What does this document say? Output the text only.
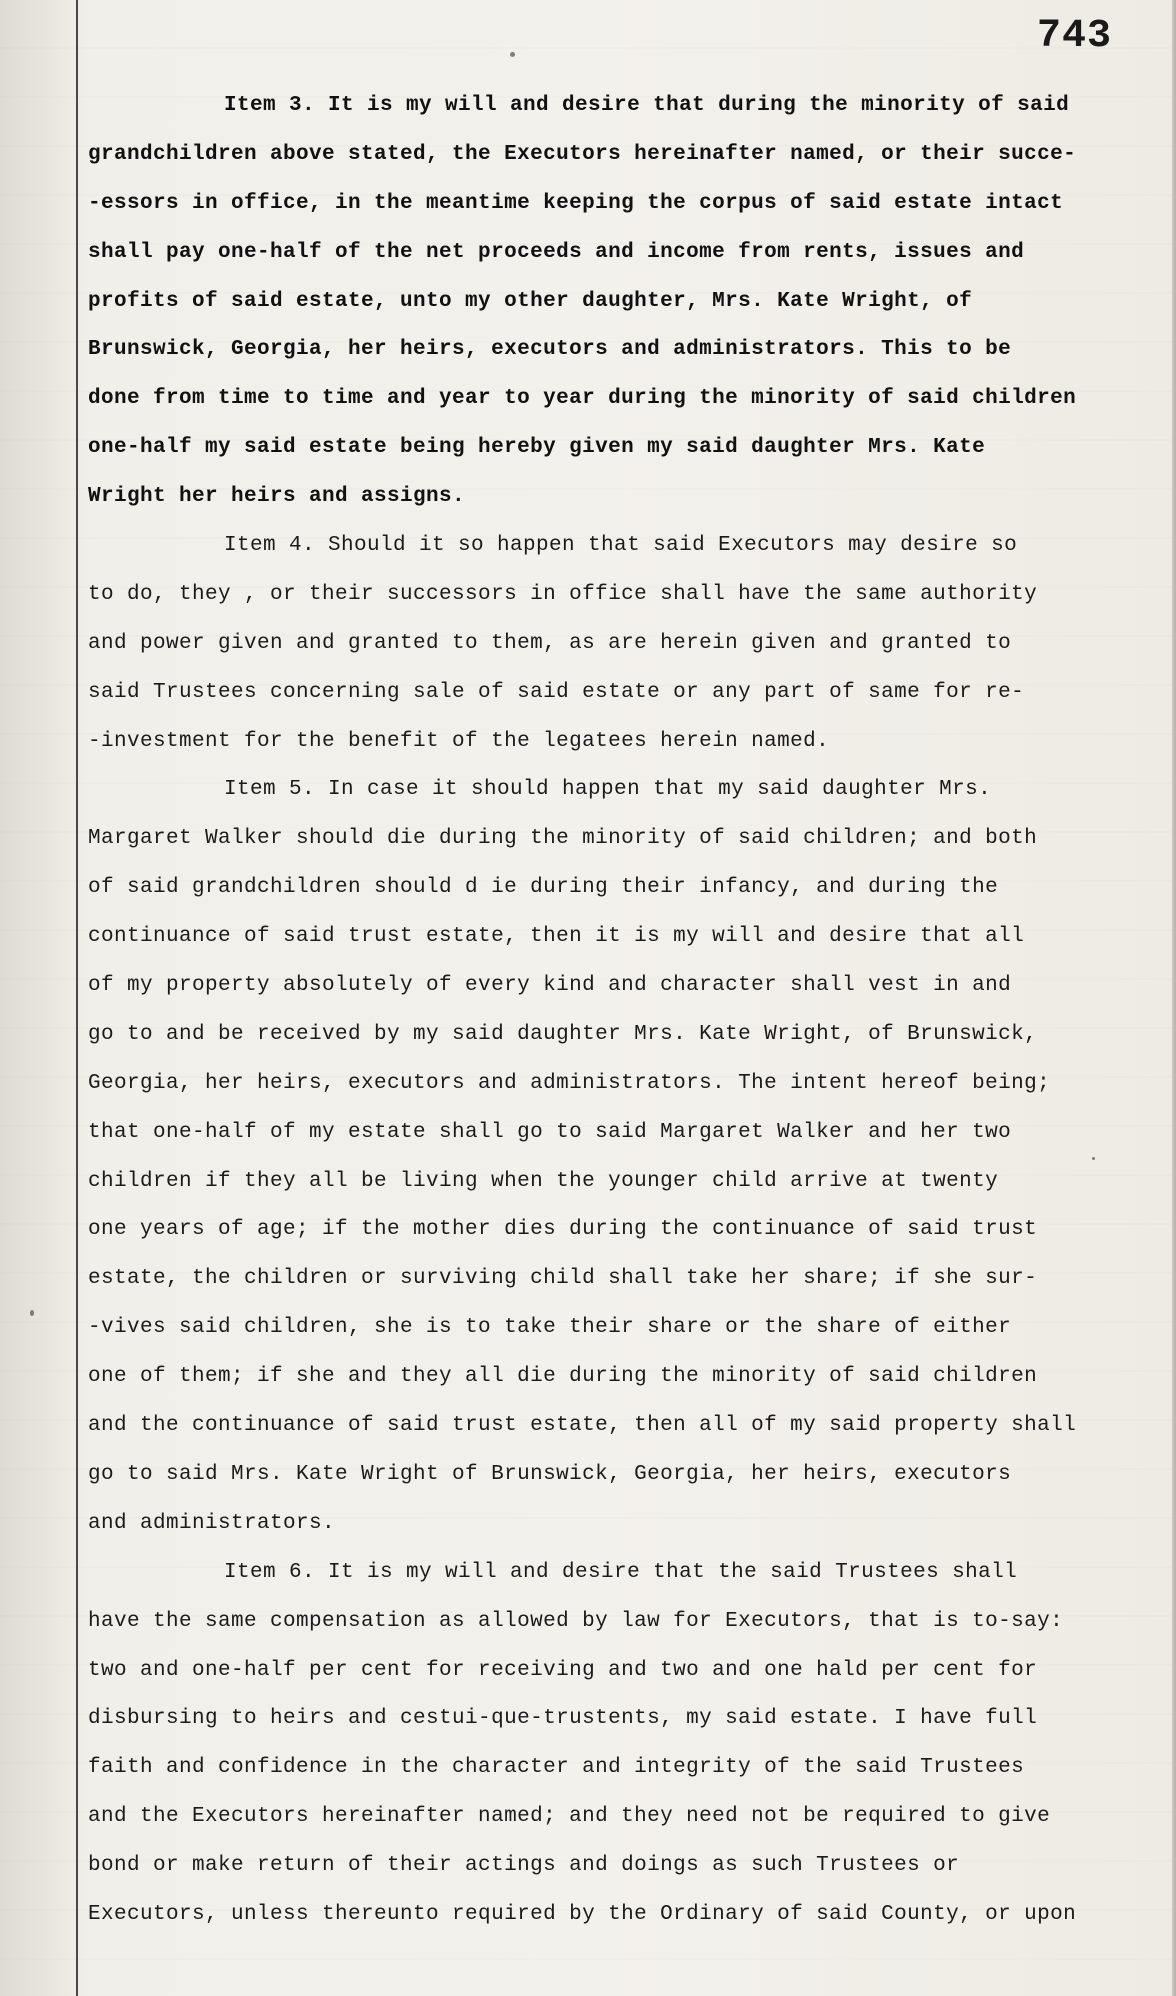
743
Item 3. It is my will and desire that during the minority of said
grandchildren above stated, the Executors hereinafter named, or their succe-
-essors in office, in the meantime keeping the corpus of said estate intact
shall pay one-half of the net proceeds and income from rents, issues and
profits of said estate, unto my other daughter, Mrs. Kate Wright, of
Brunswick, Georgia, her heirs, executors and administrators. This to be
done from time to time and year to year during the minority of said children
one-half my said estate being hereby given my said daughter Mrs. Kate
Wright her heirs and assigns.
Item 4. Should it so happen that said Executors may desire so
to do, they , or their successors in office shall have the same authority
and power given and granted to them, as are herein given and granted to
said Trustees concerning sale of said estate or any part of same for re-
-investment for the benefit of the legatees herein named.
Item 5. In case it should happen that my said daughter Mrs.
Margaret Walker should die during the minority of said children; and both
of said grandchildren should d ie during their infancy, and during the
continuance of said trust estate, then it is my will and desire that all
of my property absolutely of every kind and character shall vest in and
go to and be received by my said daughter Mrs. Kate Wright, of Brunswick,
Georgia, her heirs, executors and administrators. The intent hereof being;
that one-half of my estate shall go to said Margaret Walker and her two
children if they all be living when the younger child arrive at twenty
one years of age; if the mother dies during the continuance of said trust
estate, the children or surviving child shall take her share; if she sur-
-vives said children, she is to take their share or the share of either
one of them; if she and they all die during the minority of said children
and the continuance of said trust estate, then all of my said property shall
go to said Mrs. Kate Wright of Brunswick, Georgia, her heirs, executors
and administrators.
Item 6. It is my will and desire that the said Trustees shall
have the same compensation as allowed by law for Executors, that is to-say:
two and one-half per cent for receiving and two and one hald per cent for
disbursing to heirs and cestui-que-trustents, my said estate. I have full
faith and confidence in the character and integrity of the said Trustees
and the Executors hereinafter named; and they need not be required to give
bond or make return of their actings and doings as such Trustees or
Executors, unless thereunto required by the Ordinary of said County, or upon
